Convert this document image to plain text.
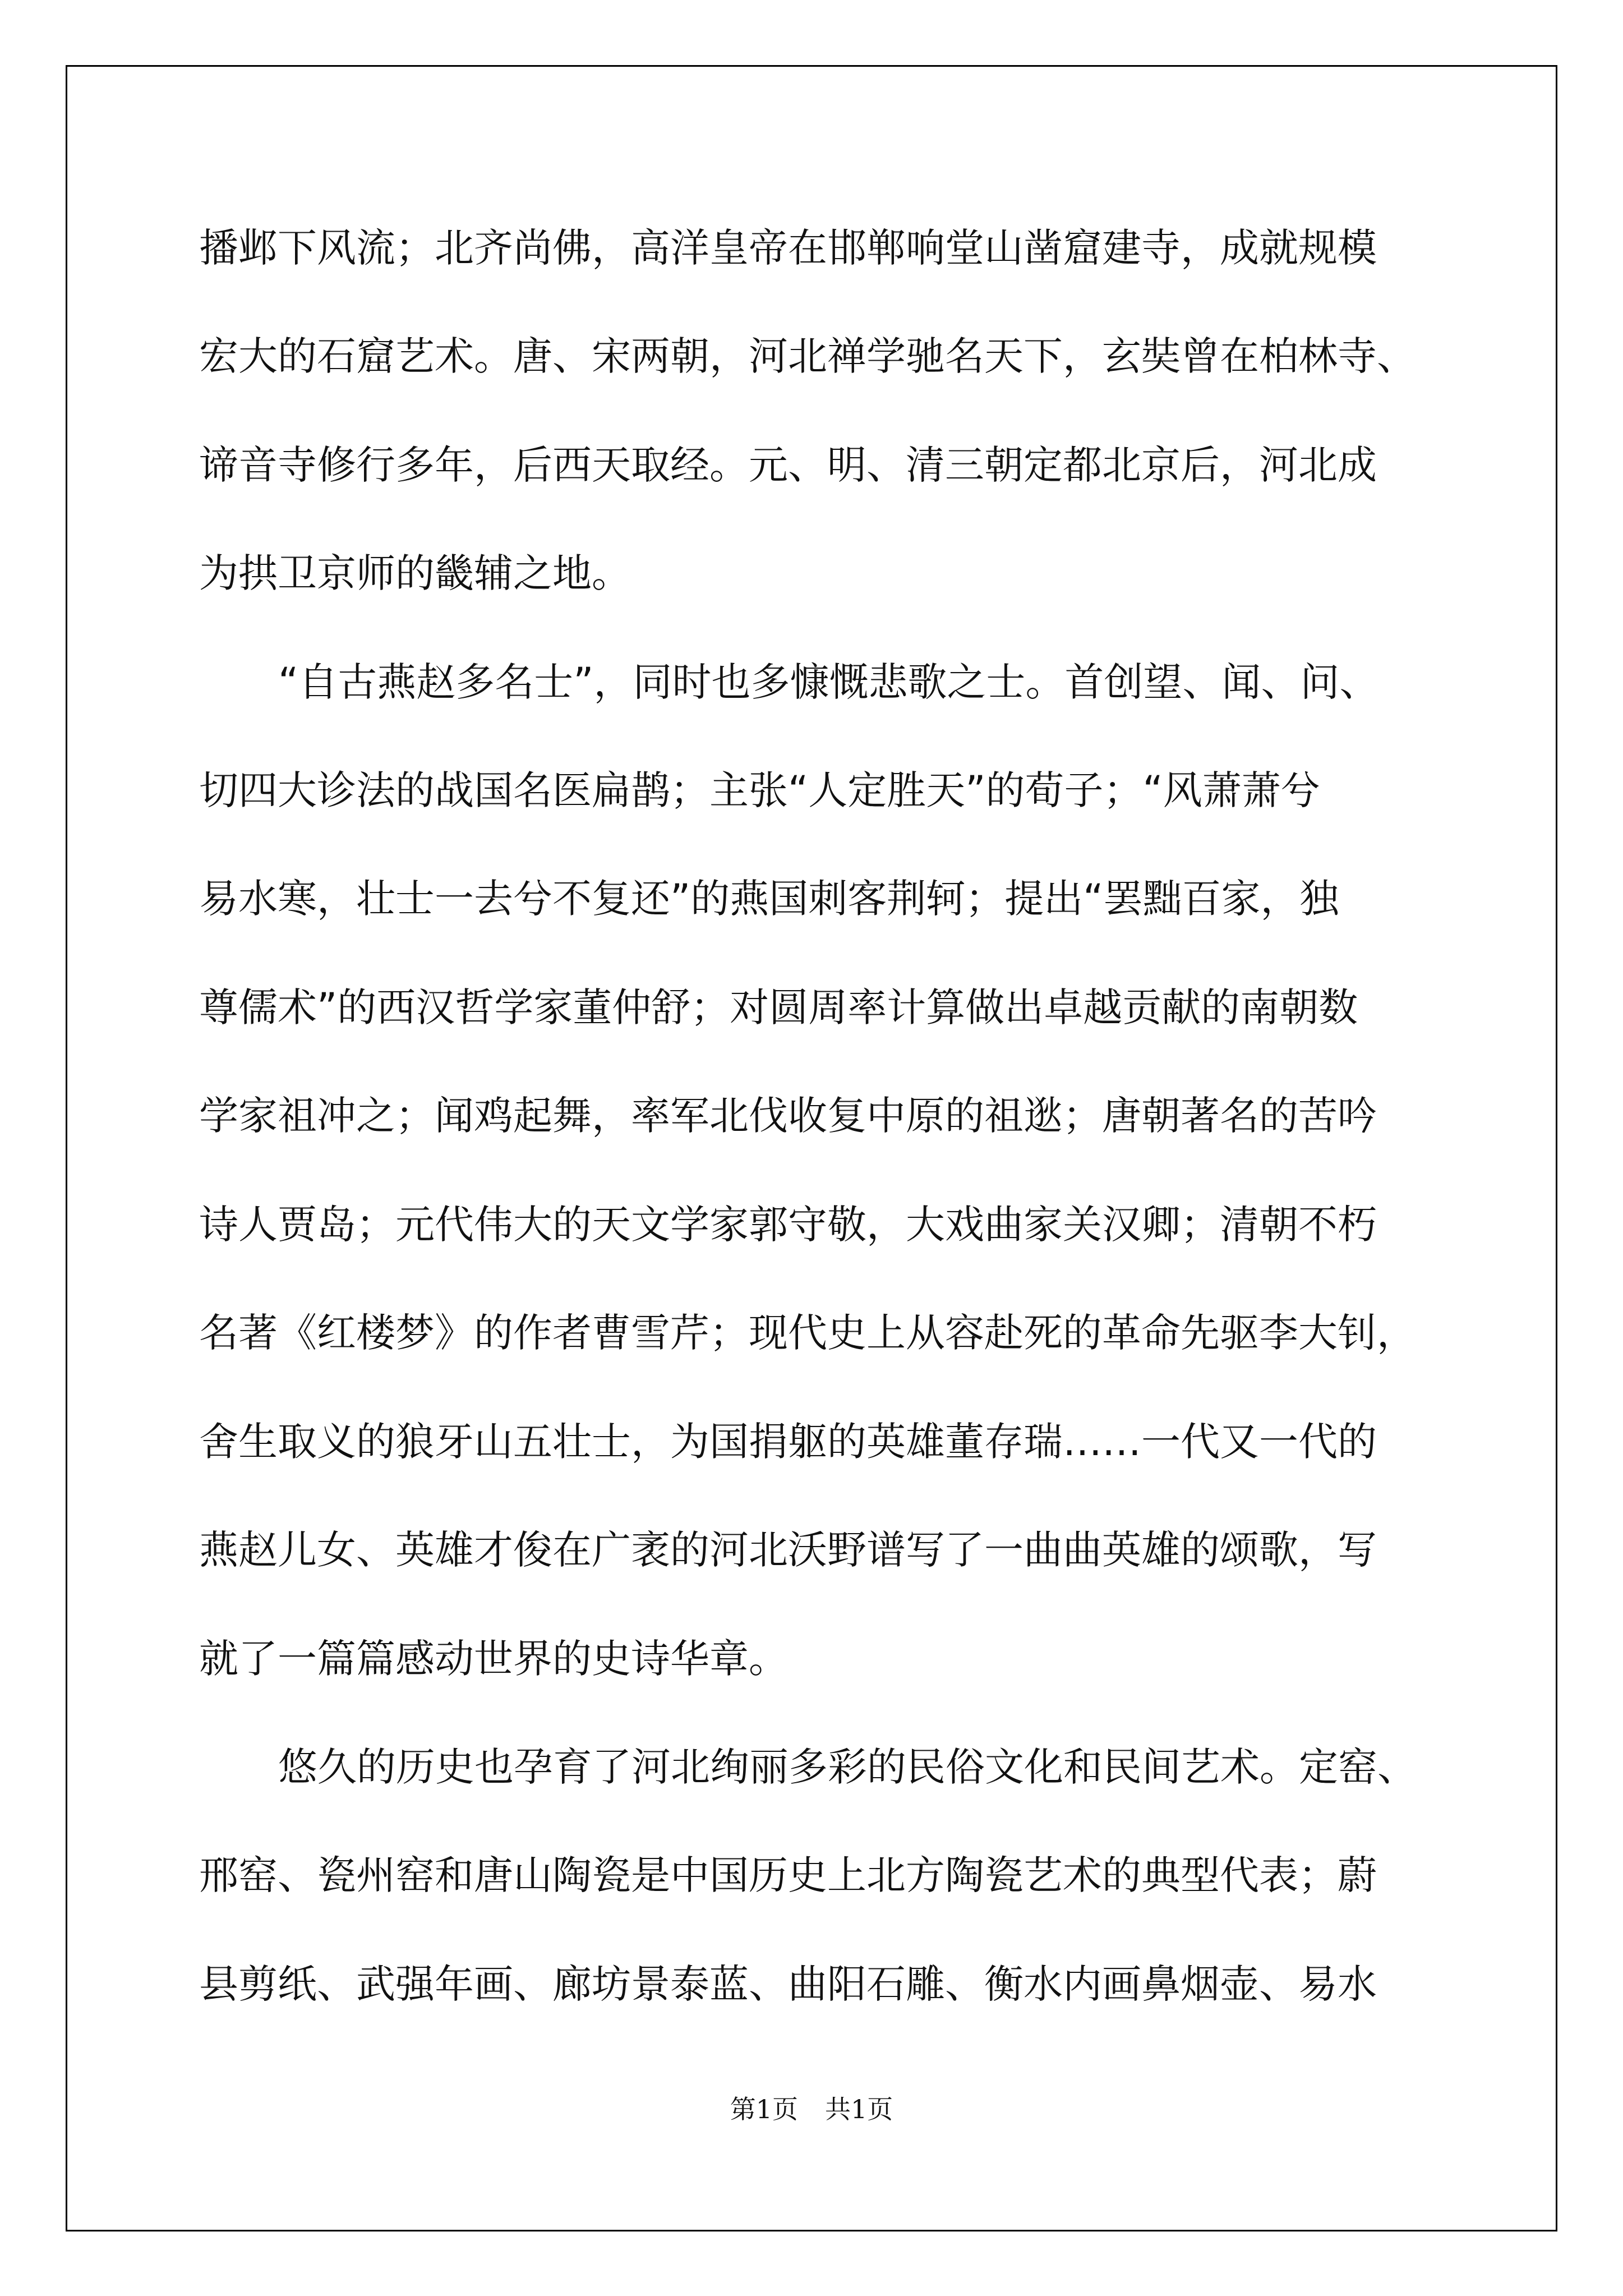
播邺下风流；北齐尚佛，高洋皇帝在邯郸响堂山凿窟建寺，成就规模
宏大的石窟艺术。唐、宋两朝，河北禅学驰名天下，玄奘曾在柏林寺、
谛音寺修行多年，后西天取经。元、明、清三朝定都北京后，河北成
为拱卫京师的畿辅之地。
“自古燕赵多名士”，同时也多慷慨悲歌之士。首创望、闻、问、
切四大诊法的战国名医扁鹊；主张“人定胜天”的荀子；“风萧萧兮
易水寒，壮士一去兮不复还”的燕国刺客荆轲；提出“罢黜百家，独
尊儒术”的西汉哲学家董仲舒；对圆周率计算做出卓越贡献的南朝数
学家祖冲之；闻鸡起舞，率军北伐收复中原的祖逖；唐朝著名的苦吟
诗人贾岛；元代伟大的天文学家郭守敬，大戏曲家关汉卿；清朝不朽
名著《红楼梦》的作者曹雪芹；现代史上从容赴死的革命先驱李大钊，
舍生取义的狼牙山五壮士，为国捐躯的英雄董存瑞……一代又一代的
燕赵儿女、英雄才俊在广袤的河北沃野谱写了一曲曲英雄的颂歌，写
就了一篇篇感动世界的史诗华章。
悠久的历史也孕育了河北绚丽多彩的民俗文化和民间艺术。定窑、
邢窑、瓷州窑和唐山陶瓷是中国历史上北方陶瓷艺术的典型代表；蔚
县剪纸、武强年画、廊坊景泰蓝、曲阳石雕、衡水内画鼻烟壶、易水
第1页 共1页
